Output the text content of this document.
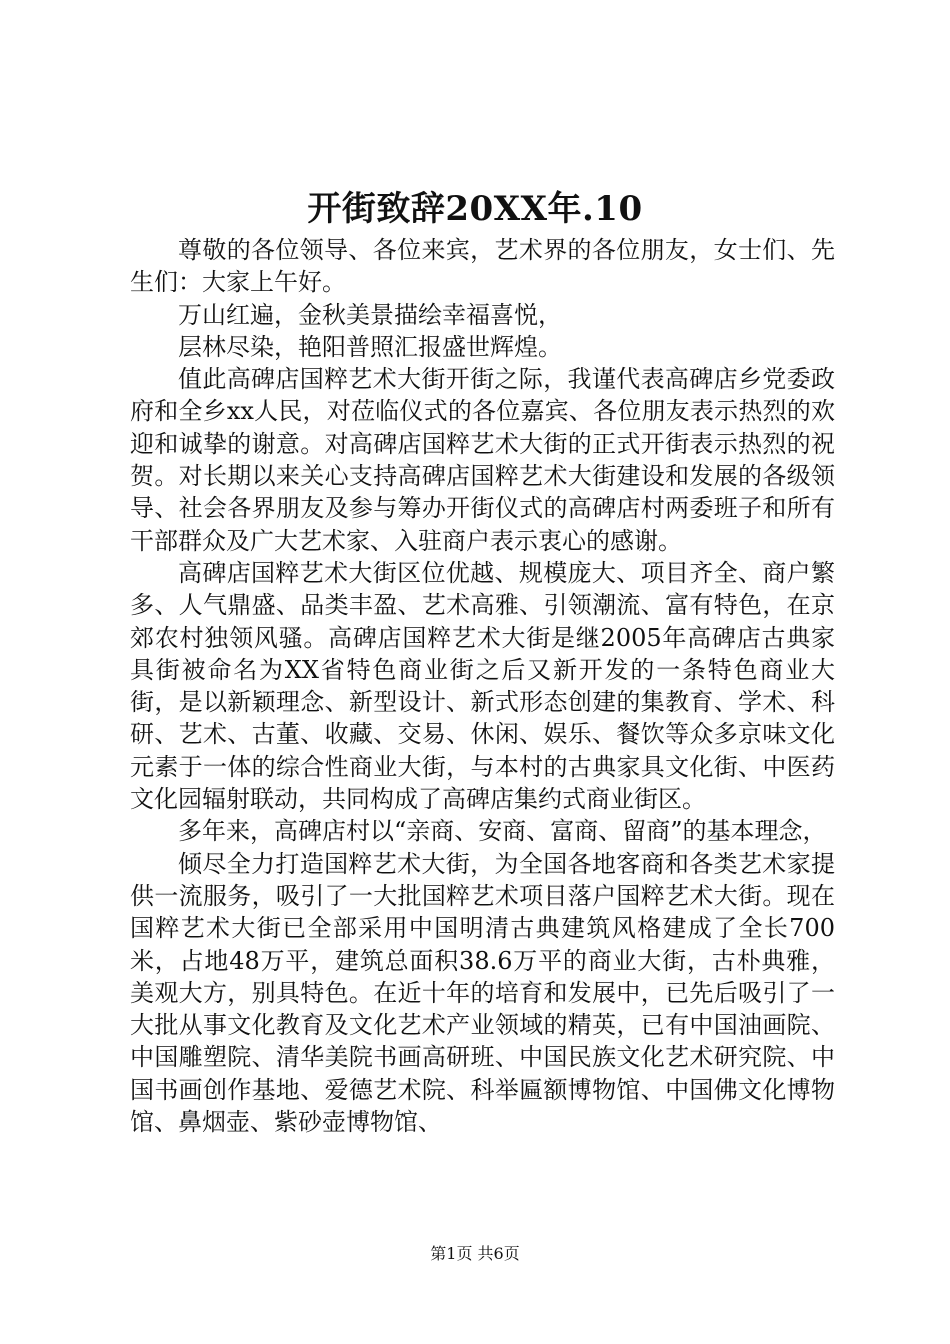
开街致辞20XX年.10

尊敬的各位领导、各位来宾，艺术界的各位朋友，女士们、先生们：大家上午好。

万山红遍，金秋美景描绘幸福喜悦，

层林尽染，艳阳普照汇报盛世辉煌。

值此高碑店国粹艺术大街开街之际，我谨代表高碑店乡党委政府和全乡xx人民，对莅临仪式的各位嘉宾、各位朋友表示热烈的欢迎和诚挚的谢意。对高碑店国粹艺术大街的正式开街表示热烈的祝贺。对长期以来关心支持高碑店国粹艺术大街建设和发展的各级领导、社会各界朋友及参与筹办开街仪式的高碑店村两委班子和所有干部群众及广大艺术家、入驻商户表示衷心的感谢。

高碑店国粹艺术大街区位优越、规模庞大、项目齐全、商户繁多、人气鼎盛、品类丰盈、艺术高雅、引领潮流、富有特色，在京郊农村独领风骚。高碑店国粹艺术大街是继2005年高碑店古典家具街被命名为XX省特色商业街之后又新开发的一条特色商业大街，是以新颖理念、新型设计、新式形态创建的集教育、学术、科研、艺术、古董、收藏、交易、休闲、娱乐、餐饮等众多京味文化元素于一体的综合性商业大街，与本村的古典家具文化街、中医药文化园辐射联动，共同构成了高碑店集约式商业街区。

多年来，高碑店村以“亲商、安商、富商、留商”的基本理念，

倾尽全力打造国粹艺术大街，为全国各地客商和各类艺术家提供一流服务，吸引了一大批国粹艺术项目落户国粹艺术大街。现在国粹艺术大街已全部采用中国明清古典建筑风格建成了全长700米，占地48万平，建筑总面积38.6万平的商业大街，古朴典雅，美观大方，别具特色。在近十年的培育和发展中，已先后吸引了一大批从事文化教育及文化艺术产业领域的精英，已有中国油画院、中国雕塑院、清华美院书画高研班、中国民族文化艺术研究院、中国书画创作基地、爱德艺术院、科举匾额博物馆、中国佛文化博物馆、鼻烟壶、紫砂壶博物馆、

第1页 共6页
